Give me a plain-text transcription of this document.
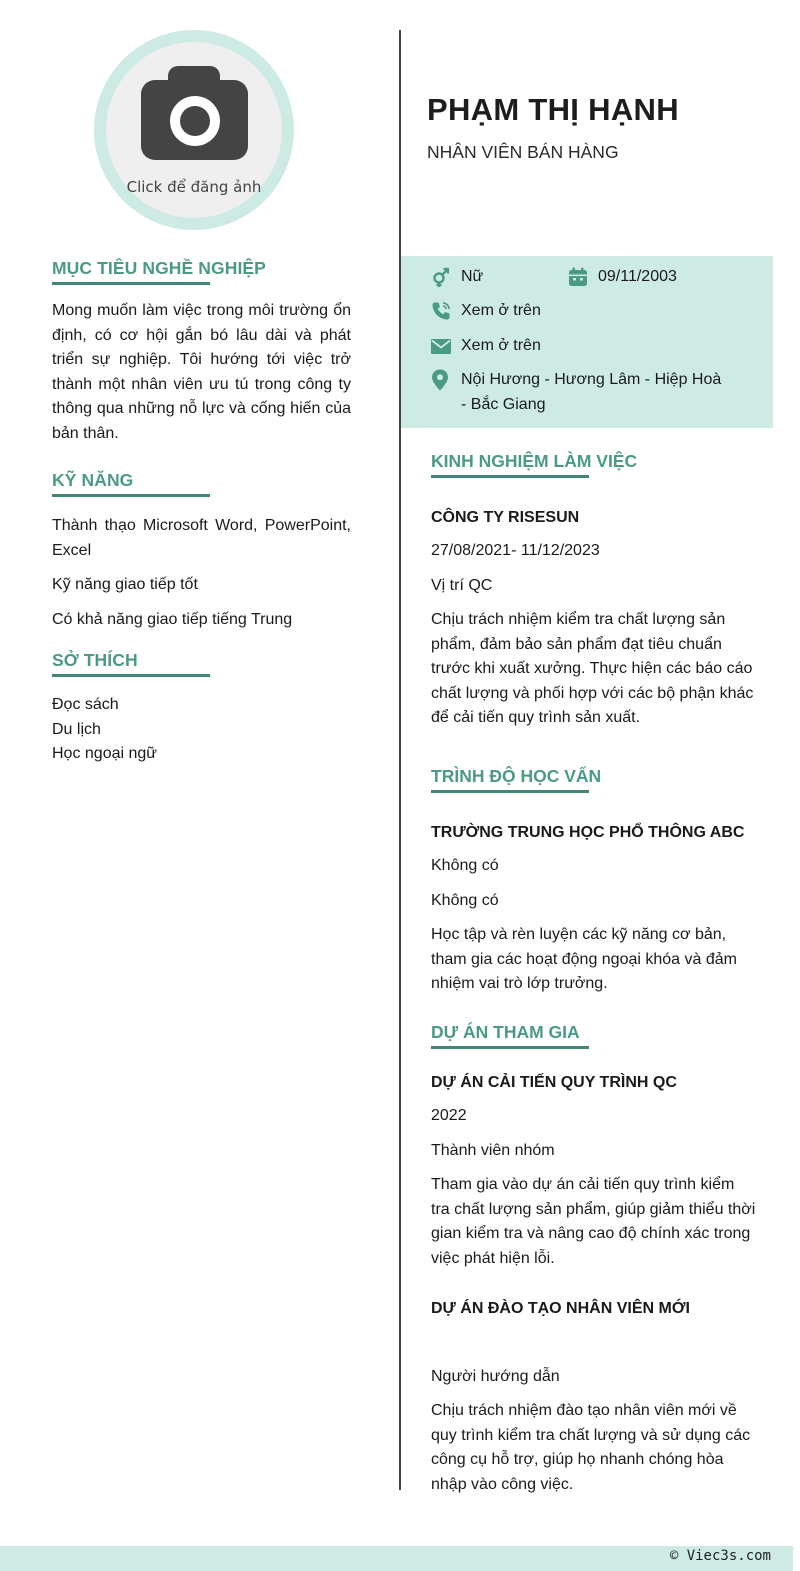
Click để đăng ảnh
MỤC TIÊU NGHỀ NGHIỆP
Mong muốn làm việc trong môi trường ổn định, có cơ hội gắn bó lâu dài và phát triển sự nghiệp. Tôi hướng tới việc trở thành một nhân viên ưu tú trong công ty thông qua những nỗ lực và cống hiến của bản thân.
KỸ NĂNG
Thành thạo Microsoft Word, PowerPoint, Excel
Kỹ năng giao tiếp tốt
Có khả năng giao tiếp tiếng Trung
SỞ THÍCH
Đọc sách
Du lịch
Học ngoại ngữ
PHẠM THỊ HẠNH
NHÂN VIÊN BÁN HÀNG
Nữ	09/11/2003
Xem ở trên
Xem ở trên
Nội Hương - Hương Lâm - Hiệp Hoà
- Bắc Giang
KINH NGHIỆM LÀM VIỆC
CÔNG TY RISESUN
27/08/2021- 11/12/2023
Vị trí QC
Chịu trách nhiệm kiểm tra chất lượng sản phẩm, đảm bảo sản phẩm đạt tiêu chuẩn trước khi xuất xưởng. Thực hiện các báo cáo chất lượng và phối hợp với các bộ phận khác để cải tiến quy trình sản xuất.
TRÌNH ĐỘ HỌC VẤN
TRƯỜNG TRUNG HỌC PHỔ THÔNG ABC
Không có
Không có
Học tập và rèn luyện các kỹ năng cơ bản, tham gia các hoạt động ngoại khóa và đảm nhiệm vai trò lớp trưởng.
DỰ ÁN THAM GIA
DỰ ÁN CẢI TIẾN QUY TRÌNH QC
2022
Thành viên nhóm
Tham gia vào dự án cải tiến quy trình kiểm tra chất lượng sản phẩm, giúp giảm thiểu thời gian kiểm tra và nâng cao độ chính xác trong việc phát hiện lỗi.
DỰ ÁN ĐÀO TẠO NHÂN VIÊN MỚI
Người hướng dẫn
Chịu trách nhiệm đào tạo nhân viên mới về quy trình kiểm tra chất lượng và sử dụng các công cụ hỗ trợ, giúp họ nhanh chóng hòa nhập vào công việc.
© Viec3s.com
